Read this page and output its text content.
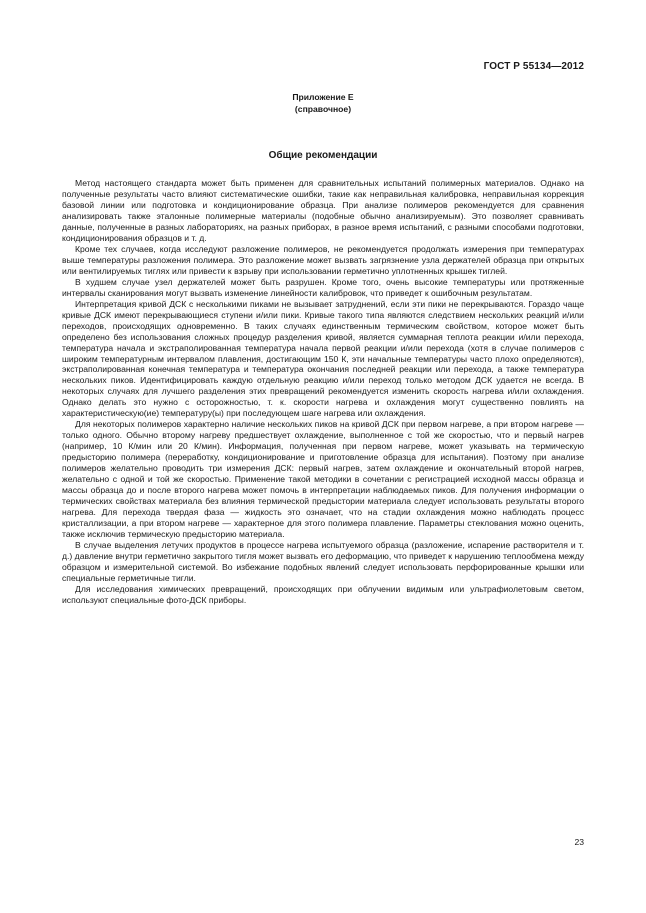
ГОСТ Р 55134—2012
Приложение Е
(справочное)
Общие рекомендации

Метод настоящего стандарта может быть применен для сравнительных испытаний полимерных материалов. Однако на полученные результаты часто влияют систематические ошибки, такие как неправильная калибровка, неправильная коррекция базовой линии или подготовка и кондиционирование образца. При анализе полимеров рекомендуется для сравнения анализировать также эталонные полимерные материалы (подобные обычно анализируемым). Это позволяет сравнивать данные, полученные в разных лабораториях, на разных приборах, в разное время испытаний, с разными способами подготовки, кондиционирования образцов и т. д.

Кроме тех случаев, когда исследуют разложение полимеров, не рекомендуется продолжать измерения при температурах выше температуры разложения полимера. Это разложение может вызвать загрязнение узла держателей образца при открытых или вентилируемых тиглях или привести к взрыву при использовании герметично уплотненных крышек тиглей.

В худшем случае узел держателей может быть разрушен. Кроме того, очень высокие температуры или протяженные интервалы сканирования могут вызвать изменение линейности калибровок, что приведет к ошибочным результатам.

Интерпретация кривой ДСК с несколькими пиками не вызывает затруднений, если эти пики не перекрываются. Гораздо чаще кривые ДСК имеют перекрывающиеся ступени и/или пики. Кривые такого типа являются следствием нескольких реакций и/или переходов, происходящих одновременно. В таких случаях единственным термическим свойством, которое может быть определено без использования сложных процедур разделения кривой, является суммарная теплота реакции и/или перехода, температура начала и экстраполированная температура начала первой реакции и/или перехода (хотя в случае полимеров с широким температурным интервалом плавления, достигающим 150 К, эти начальные температуры часто плохо определяются), экстраполированная конечная температура и температура окончания последней реакции или перехода, а также температура нескольких пиков. Идентифицировать каждую отдельную реакцию и/или переход только методом ДСК удается не всегда. В некоторых случаях для лучшего разделения этих превращений рекомендуется изменить скорость нагрева и/или охлаждения. Однако делать это нужно с осторожностью, т. к. скорости нагрева и охлаждения могут существенно повлиять на характеристическую(ие) температуру(ы) при последующем шаге нагрева или охлаждения.

Для некоторых полимеров характерно наличие нескольких пиков на кривой ДСК при первом нагреве, а при втором нагреве — только одного. Обычно второму нагреву предшествует охлаждение, выполненное с той же скоростью, что и первый нагрев (например, 10 К/мин или 20 К/мин). Информация, полученная при первом нагреве, может указывать на термическую предысторию полимера (переработку, кондиционирование и приготовление образца для испытания). Поэтому при анализе полимеров желательно проводить три измерения ДСК: первый нагрев, затем охлаждение и окончательный второй нагрев, желательно с одной и той же скоростью. Применение такой методики в сочетании с регистрацией исходной массы образца и массы образца до и после второго нагрева может помочь в интерпретации наблюдаемых пиков. Для получения информации о термических свойствах материала без влияния термической предыстории материала следует использовать результаты второго нагрева. Для перехода твердая фаза — жидкость это означает, что на стадии охлаждения можно наблюдать процесс кристаллизации, а при втором нагреве — характерное для этого полимера плавление. Параметры стеклования можно оценить, также исключив термическую предысторию материала.

В случае выделения летучих продуктов в процессе нагрева испытуемого образца (разложение, испарение растворителя и т. д.) давление внутри герметично закрытого тигля может вызвать его деформацию, что приведет к нарушению теплообмена между образцом и измерительной системой. Во избежание подобных явлений следует использовать перфорированные крышки или специальные герметичные тигли.

Для исследования химических превращений, происходящих при облучении видимым или ультрафиолетовым светом, используют специальные фото-ДСК приборы.

23
